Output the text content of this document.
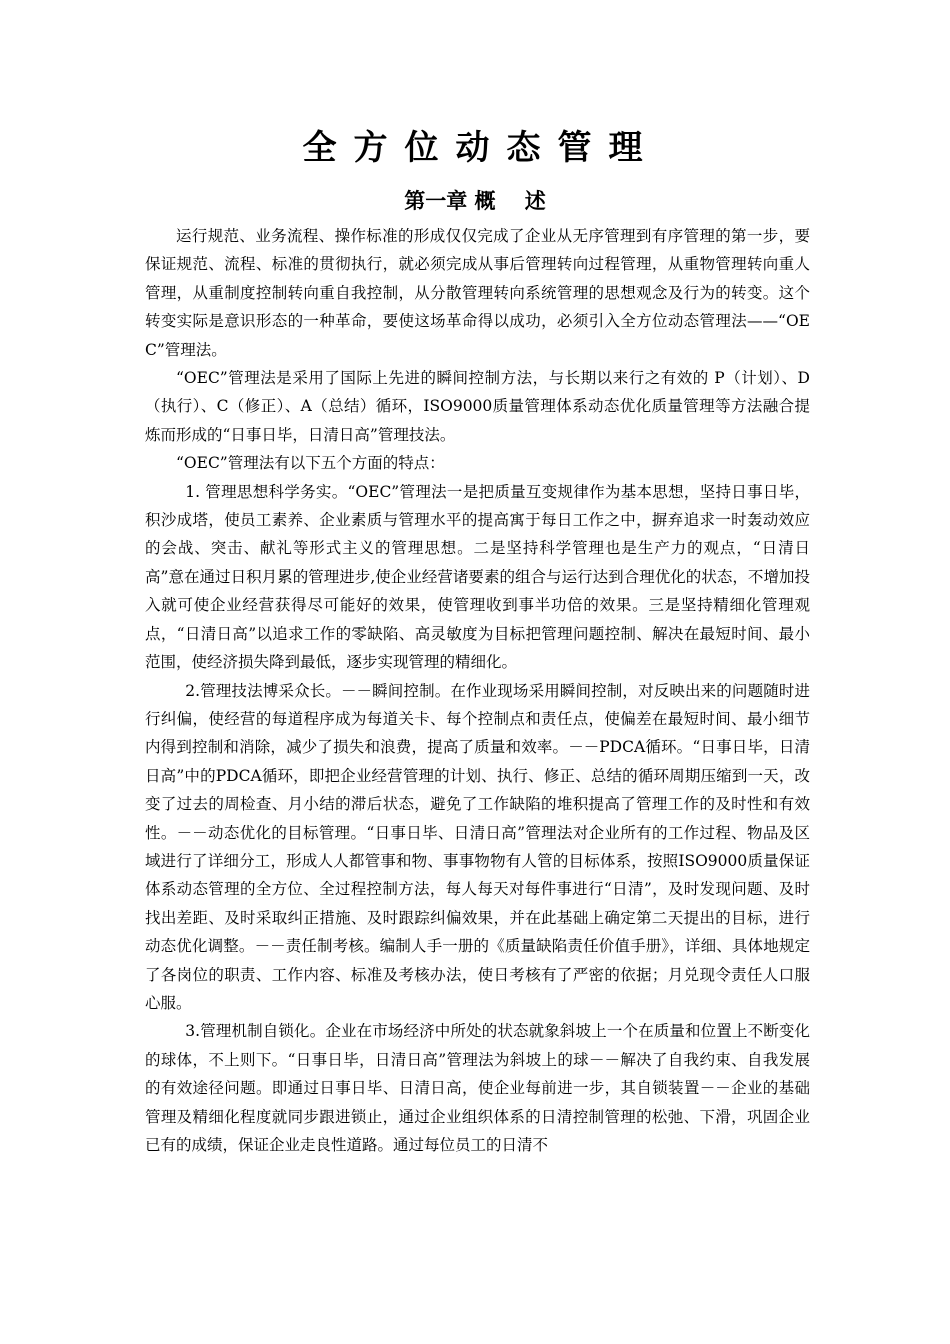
全方位动态管理
第一章 概    述

运行规范、业务流程、操作标准的形成仅仅完成了企业从无序管理到有序管理的第一步，要保证规范、流程、标准的贯彻执行，就必须完成从事后管理转向过程管理，从重物管理转向重人管理，从重制度控制转向重自我控制，从分散管理转向系统管理的思想观念及行为的转变。这个转变实际是意识形态的一种革命，要使这场革命得以成功，必须引入全方位动态管理法——“OEC”管理法。

“OEC”管理法是采用了国际上先进的瞬间控制方法，与长期以来行之有效的 P（计划）、D（执行）、C（修正）、A（总结）循环，ISO9000质量管理体系动态优化质量管理等方法融合提炼而形成的“日事日毕，日清日高”管理技法。

“OEC”管理法有以下五个方面的特点：

1. 管理思想科学务实。“OEC”管理法一是把质量互变规律作为基本思想，坚持日事日毕，积沙成塔，使员工素养、企业素质与管理水平的提高寓于每日工作之中，摒弃追求一时轰动效应的会战、突击、献礼等形式主义的管理思想。二是坚持科学管理也是生产力的观点，“日清日高”意在通过日积月累的管理进步,使企业经营诸要素的组合与运行达到合理优化的状态，不增加投入就可使企业经营获得尽可能好的效果，使管理收到事半功倍的效果。三是坚持精细化管理观点，“日清日高”以追求工作的零缺陷、高灵敏度为目标把管理问题控制、解决在最短时间、最小范围，使经济损失降到最低，逐步实现管理的精细化。

2.管理技法博采众长。－－瞬间控制。在作业现场采用瞬间控制，对反映出来的问题随时进行纠偏，使经营的每道程序成为每道关卡、每个控制点和责任点，使偏差在最短时间、最小细节内得到控制和消除，减少了损失和浪费，提高了质量和效率。－－PDCA循环。“日事日毕，日清日高”中的PDCA循环，即把企业经营管理的计划、执行、修正、总结的循环周期压缩到一天，改变了过去的周检查、月小结的滞后状态，避免了工作缺陷的堆积提高了管理工作的及时性和有效性。－－动态优化的目标管理。“日事日毕、日清日高”管理法对企业所有的工作过程、物品及区域进行了详细分工，形成人人都管事和物、事事物物有人管的目标体系，按照ISO9000质量保证体系动态管理的全方位、全过程控制方法，每人每天对每件事进行“日清”，及时发现问题、及时找出差距、及时采取纠正措施、及时跟踪纠偏效果，并在此基础上确定第二天提出的目标，进行动态优化调整。－－责任制考核。编制人手一册的《质量缺陷责任价值手册》，详细、具体地规定了各岗位的职责、工作内容、标准及考核办法，使日考核有了严密的依据；月兑现令责任人口服心服。

3.管理机制自锁化。企业在市场经济中所处的状态就象斜坡上一个在质量和位置上不断变化的球体，不上则下。“日事日毕，日清日高”管理法为斜坡上的球－－解决了自我约束、自我发展的有效途径问题。即通过日事日毕、日清日高，使企业每前进一步，其自锁装置－－企业的基础管理及精细化程度就同步跟进锁止，通过企业组织体系的日清控制管理的松弛、下滑，巩固企业已有的成绩，保证企业走良性道路。通过每位员工的日清不
